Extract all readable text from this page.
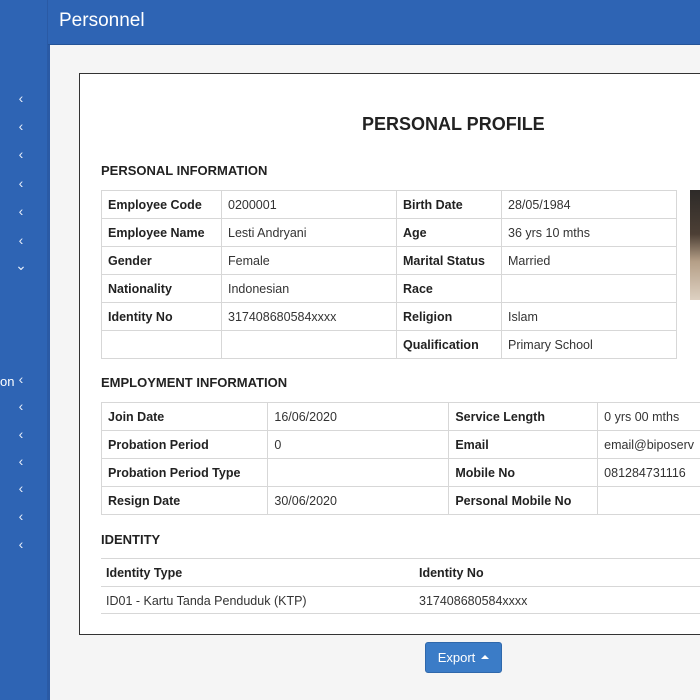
‹
‹
‹
‹
‹
‹
⌄
on ‹
‹
‹
‹
‹
‹
‹
Personnel
PERSONAL PROFILE
PERSONAL INFORMATION
Employee Code	0200001	Birth Date	28/05/1984
Employee Name	Lesti Andryani	Age	36 yrs 10 mths
Gender	Female	Marital Status	Married
Nationality	Indonesian	Race	
Identity No	317408680584xxxx	Religion	Islam
		Qualification	Primary School
EMPLOYMENT INFORMATION
Join Date	16/06/2020	Service Length	0 yrs 00 mths
Probation Period	0	Email	email@biposerv
Probation Period Type		Mobile No	081284731116
Resign Date	30/06/2020	Personal Mobile No	
IDENTITY
Identity Type	Identity No
ID01 - Kartu Tanda Penduduk (KTP)	317408680584xxxx
Export
